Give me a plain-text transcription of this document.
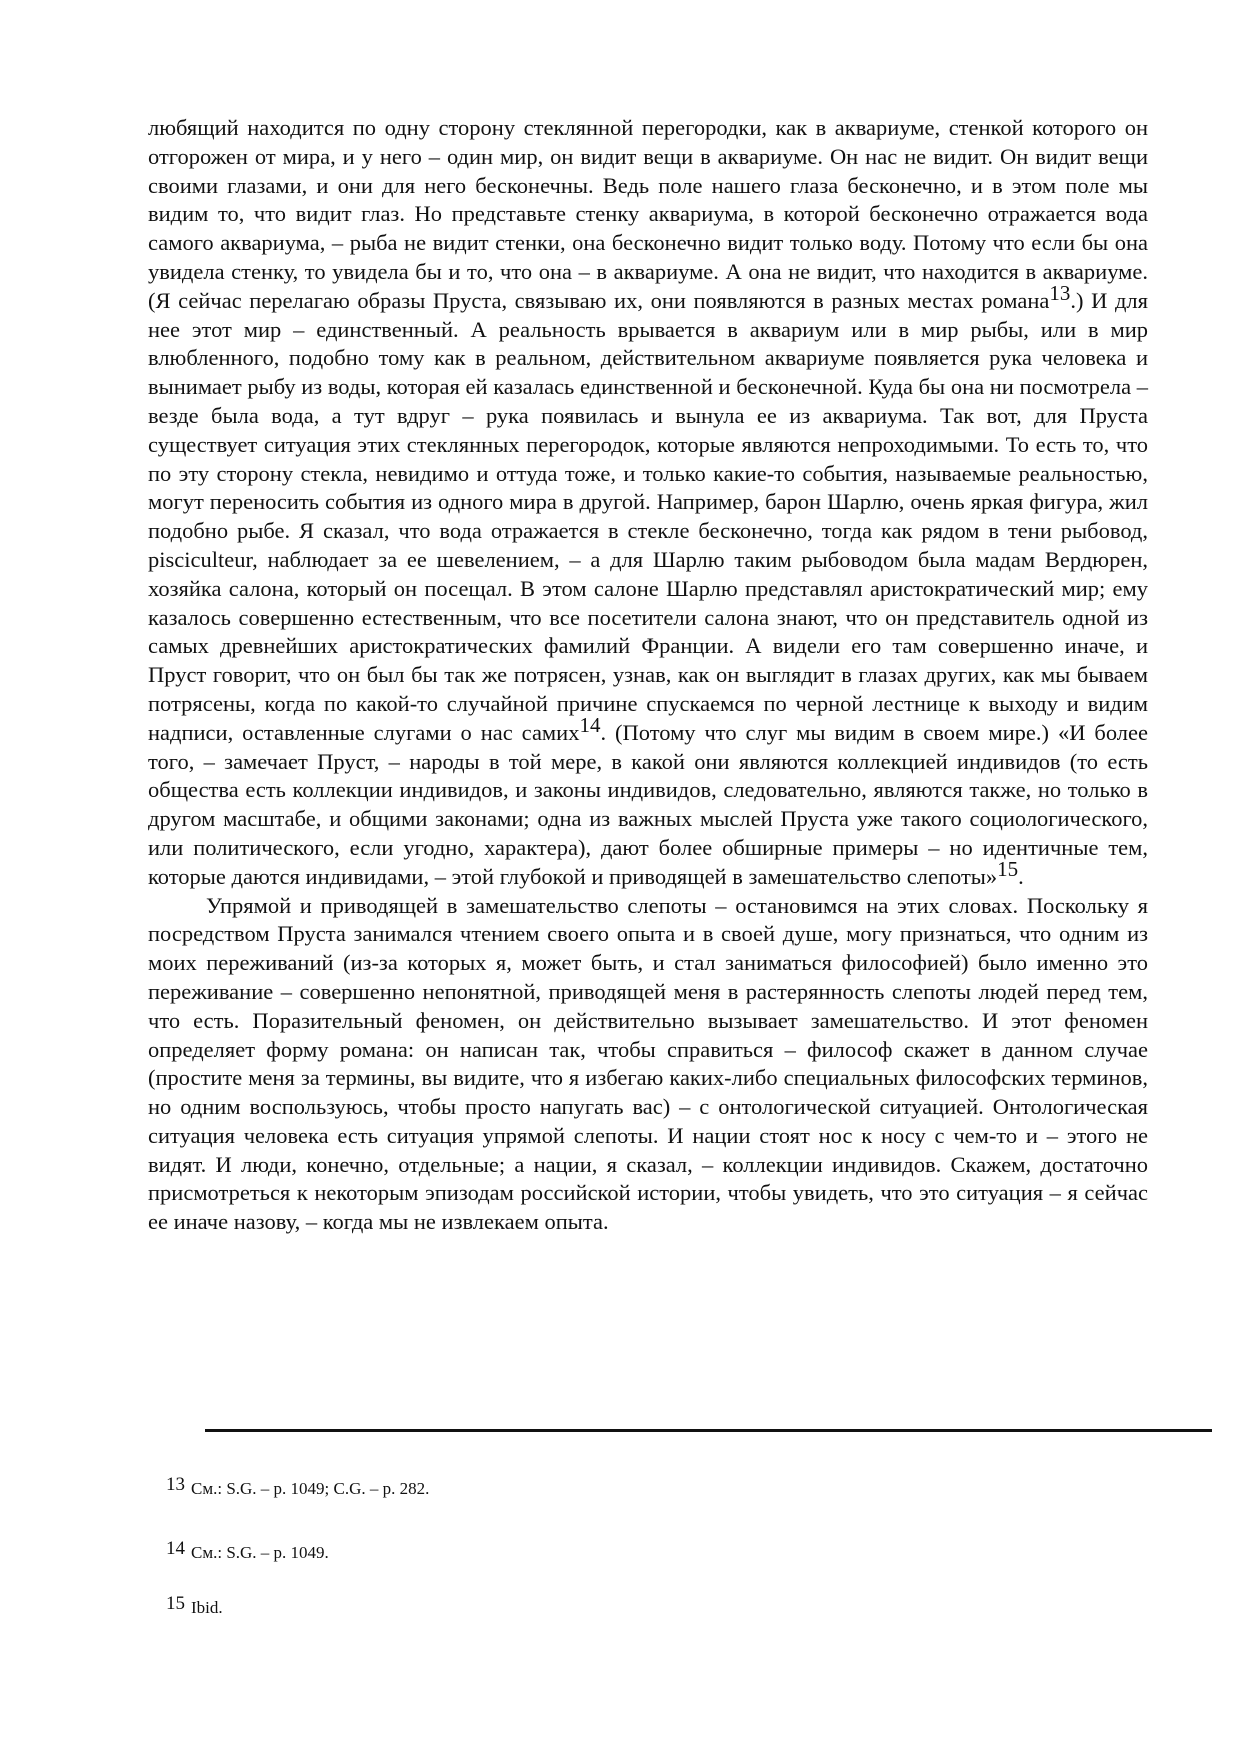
любящий находится по одну сторону стеклянной перегородки, как в аквариуме, стенкой которого он отгорожен от мира, и у него – один мир, он видит вещи в аквариуме. Он нас не видит. Он видит вещи своими глазами, и они для него бесконечны. Ведь поле нашего глаза бесконечно, и в этом поле мы видим то, что видит глаз. Но представьте стенку аквариума, в которой бесконечно отражается вода самого аквариума, – рыба не видит стенки, она бесконечно видит только воду. Потому что если бы она увидела стенку, то увидела бы и то, что она – в аквариуме. А она не видит, что находится в аквариуме. (Я сейчас перелагаю образы Пруста, связываю их, они появляются в разных местах романа$^{13}$.) И для нее этот мир – единственный. А реальность врывается в аквариум или в мир рыбы, или в мир влюбленного, подобно тому как в реальном, действительном аквариуме появляется рука человека и вынимает рыбу из воды, которая ей казалась единственной и бесконечной. Куда бы она ни посмотрела – везде была вода, а тут вдруг – рука появилась и вынула ее из аквариума. Так вот, для Пруста существует ситуация этих стеклянных перегородок, которые являются непроходимыми. То есть то, что по эту сторону стекла, невидимо и оттуда тоже, и только какие-то события, называемые реальностью, могут переносить события из одного мира в другой. Например, барон Шарлю, очень яркая фигура, жил подобно рыбе. Я сказал, что вода отражается в стекле бесконечно, тогда как рядом в тени рыбовод, pisciculteur, наблюдает за ее шевелением, – а для Шарлю таким рыбоводом была мадам Вердюрен, хозяйка салона, который он посещал. В этом салоне Шарлю представлял аристократический мир; ему казалось совершенно естественным, что все посетители салона знают, что он представитель одной из самых древнейших аристократических фамилий Франции. А видели его там совершенно иначе, и Пруст говорит, что он был бы так же потрясен, узнав, как он выглядит в глазах других, как мы бываем потрясены, когда по какой-то случайной причине спускаемся по черной лестнице к выходу и видим надписи, оставленные слугами о нас самих$^{14}$. (Потому что слуг мы видим в своем мире.) «И более того, – замечает Пруст, – народы в той мере, в какой они являются коллекцией индивидов (то есть общества есть коллекции индивидов, и законы индивидов, следовательно, являются также, но только в другом масштабе, и общими законами; одна из важных мыслей Пруста уже такого социологического, или политического, если угодно, характера), дают более обширные примеры – но идентичные тем, которые даются индивидами, – этой глубокой и приводящей в замешательство слепоты»$^{15}$.

Упрямой и приводящей в замешательство слепоты – остановимся на этих словах. Поскольку я посредством Пруста занимался чтением своего опыта и в своей душе, могу признаться, что одним из моих переживаний (из-за которых я, может быть, и стал заниматься философией) было именно это переживание – совершенно непонятной, приводящей меня в растерянность слепоты людей перед тем, что есть. Поразительный феномен, он действительно вызывает замешательство. И этот феномен определяет форму романа: он написан так, чтобы справиться – философ скажет в данном случае (простите меня за термины, вы видите, что я избегаю каких-либо специальных философских терминов, но одним воспользуюсь, чтобы просто напугать вас) – с онтологической ситуацией. Онтологическая ситуация человека есть ситуация упрямой слепоты. И нации стоят нос к носу с чем-то и – этого не видят. И люди, конечно, отдельные; а нации, я сказал, – коллекции индивидов. Скажем, достаточно присмотреться к некоторым эпизодам российской истории, чтобы увидеть, что это ситуация – я сейчас ее иначе назову, – когда мы не извлекаем опыта.

$^{13}$ См.: S.G. – p. 1049; C.G. – p. 282.
$^{14}$ См.: S.G. – p. 1049.
$^{15}$ Ibid.
